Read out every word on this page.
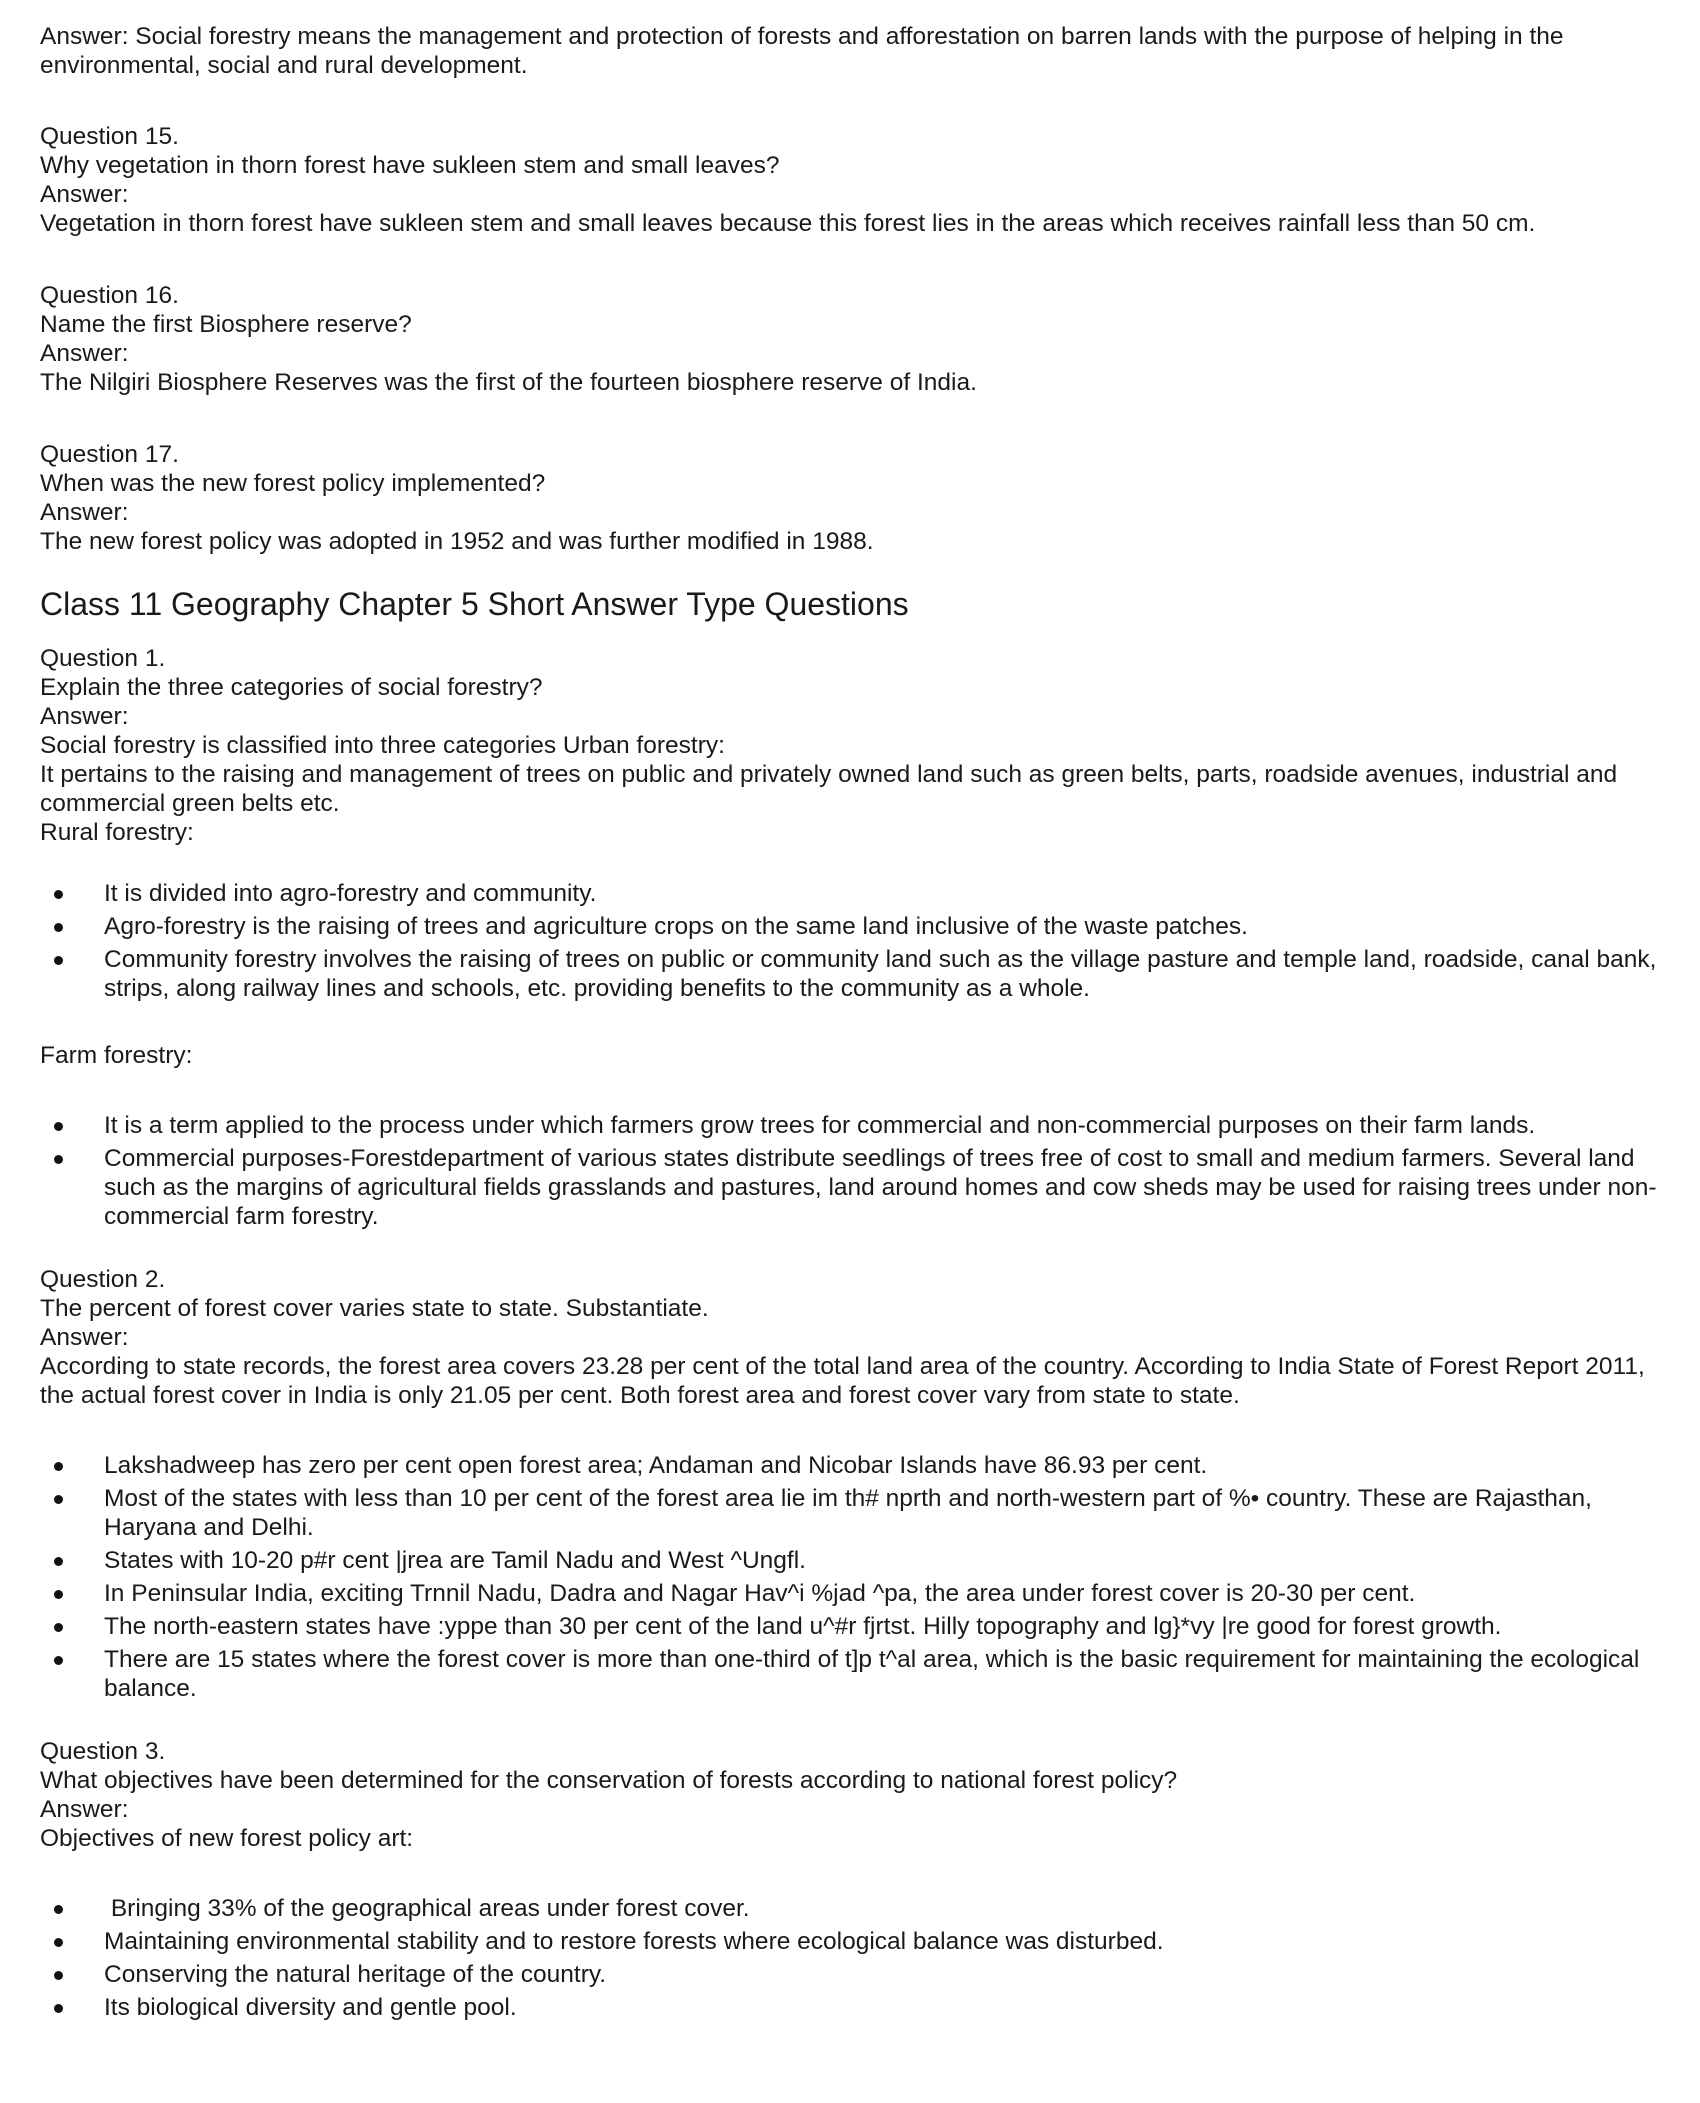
Answer: Social forestry means the management and protection of forests and afforestation on barren lands with the purpose of helping in the environmental, social and rural development.

Question 15.

Why vegetation in thorn forest have sukleen stem and small leaves?

Answer:

Vegetation in thorn forest have sukleen stem and small leaves because this forest lies in the areas which receives rainfall less than 50 cm.

Question 16.

Name the first Biosphere reserve?

Answer:

The Nilgiri Biosphere Reserves was the first of the fourteen biosphere reserve of India.

Question 17.

When was the new forest policy implemented?

Answer:

The new forest policy was adopted in 1952 and was further modified in 1988.

Class 11 Geography Chapter 5 Short Answer Type Questions

Question 1.

Explain the three categories of social forestry?

Answer:

Social forestry is classified into three categories Urban forestry:

It pertains to the raising and management of trees on public and privately owned land such as green belts, parts, roadside avenues, industrial and commercial green belts etc.

Rural forestry:

It is divided into agro-forestry and community.
Agro-forestry is the raising of trees and agriculture crops on the same land inclusive of the waste patches.
Community forestry involves the raising of trees on public or community land such as the village pasture and temple land, roadside, canal bank, strips, along railway lines and schools, etc. providing benefits to the community as a whole.

Farm forestry:

It is a term applied to the process under which farmers grow trees for commercial and non-commercial purposes on their farm lands.
Commercial purposes-Forestdepartment of various states distribute seedlings of trees free of cost to small and medium farmers. Several land such as the margins of agricultural fields grasslands and pastures, land around homes and cow sheds may be used for raising trees under non-commercial farm forestry.

Question 2.

The percent of forest cover varies state to state. Substantiate.

Answer:

According to state records, the forest area covers 23.28 per cent of the total land area of the country. According to India State of Forest Report 2011, the actual forest cover in India is only 21.05 per cent. Both forest area and forest cover vary from state to state.

Lakshadweep has zero per cent open forest area; Andaman and Nicobar Islands have 86.93 per cent.
Most of the states with less than 10 per cent of the forest area lie im th# nprth and north-western part of %• country. These are Rajasthan, Haryana and Delhi.
States with 10-20 p#r cent |jrea are Tamil Nadu and West ^Ungfl.
In Peninsular India, exciting Trnnil Nadu, Dadra and Nagar Hav^i %jad ^pa, the area under forest cover is 20-30 per cent.
The north-eastern states have :yppe than 30 per cent of the land u^#r fjrtst. Hilly topography and lg}*vy |re good for forest growth.
There are 15 states where the forest cover is more than one-third of t]p t^al area, which is the basic requirement for maintaining the ecological balance.

Question 3.

What objectives have been determined for the conservation of forests according to national forest policy?

Answer:

Objectives of new forest policy art:

Bringing 33% of the geographical areas under forest cover.
Maintaining environmental stability and to restore forests where ecological balance was disturbed.
Conserving the natural heritage of the country.
Its biological diversity and gentle pool.
